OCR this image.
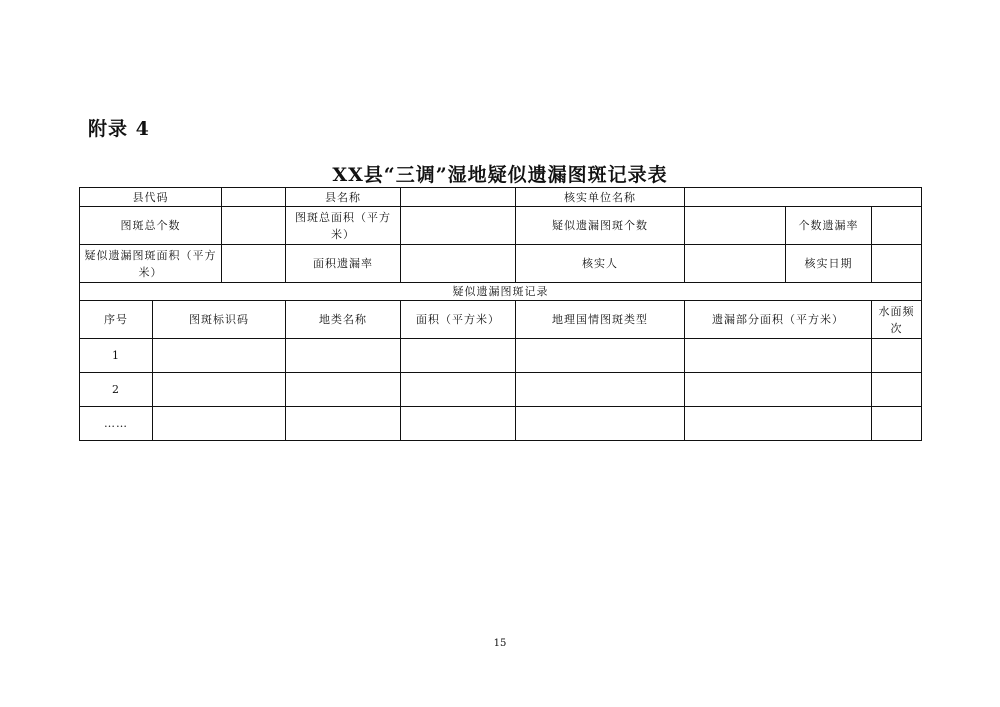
附录 4
XX县“三调”湿地疑似遗漏图斑记录表
县代码			县名称		核实单位名称			
图斑总个数			图斑总面积（平方米）		疑似遗漏图斑个数		个数遗漏率	
疑似遗漏图斑面积（平方米）			面积遗漏率		核实人		核实日期	
疑似遗漏图斑记录								
序号	图斑标识码		地类名称	面积（平方米）	地理国情图斑类型	遗漏部分面积（平方米）		水面频次
1								
2								
……								
15
